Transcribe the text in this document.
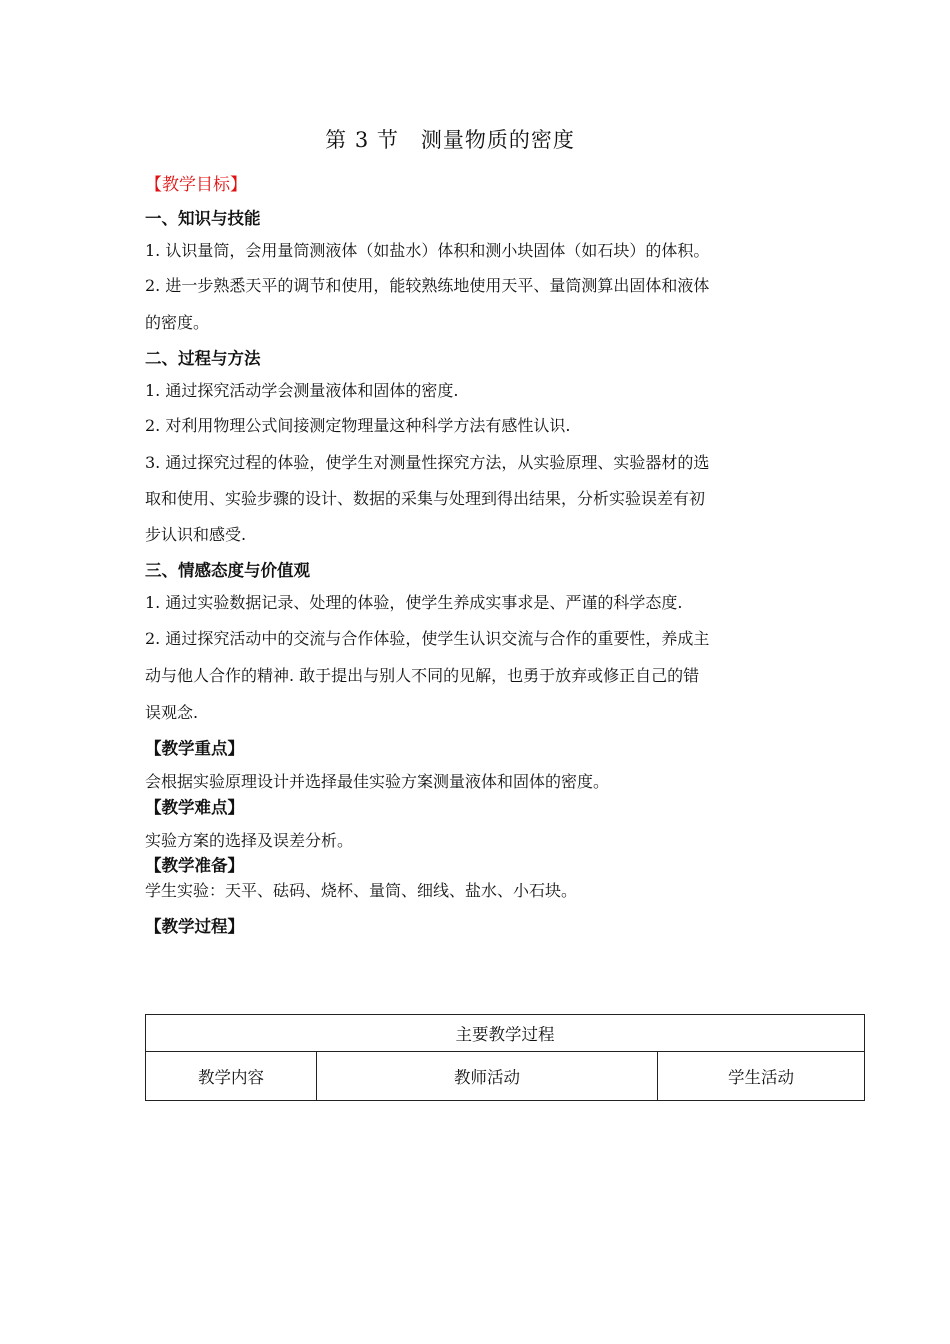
第 3 节　测量物质的密度
【教学目标】
一、知识与技能
1. 认识量筒，会用量筒测液体（如盐水）体积和测小块固体（如石块）的体积。
2. 进一步熟悉天平的调节和使用，能较熟练地使用天平、量筒测算出固体和液体
的密度。
二、过程与方法
1. 通过探究活动学会测量液体和固体的密度.
2. 对利用物理公式间接测定物理量这种科学方法有感性认识.
3. 通过探究过程的体验，使学生对测量性探究方法，从实验原理、实验器材的选
取和使用、实验步骤的设计、数据的采集与处理到得出结果，分析实验误差有初
步认识和感受.
三、情感态度与价值观
1. 通过实验数据记录、处理的体验，使学生养成实事求是、严谨的科学态度.
2. 通过探究活动中的交流与合作体验，使学生认识交流与合作的重要性，养成主
动与他人合作的精神. 敢于提出与别人不同的见解，也勇于放弃或修正自己的错
误观念.
【教学重点】
会根据实验原理设计并选择最佳实验方案测量液体和固体的密度。
【教学难点】
实验方案的选择及误差分析。
【教学准备】
学生实验：天平、砝码、烧杯、量筒、细线、盐水、小石块。
【教学过程】
主要教学过程
教学内容	教师活动	学生活动
